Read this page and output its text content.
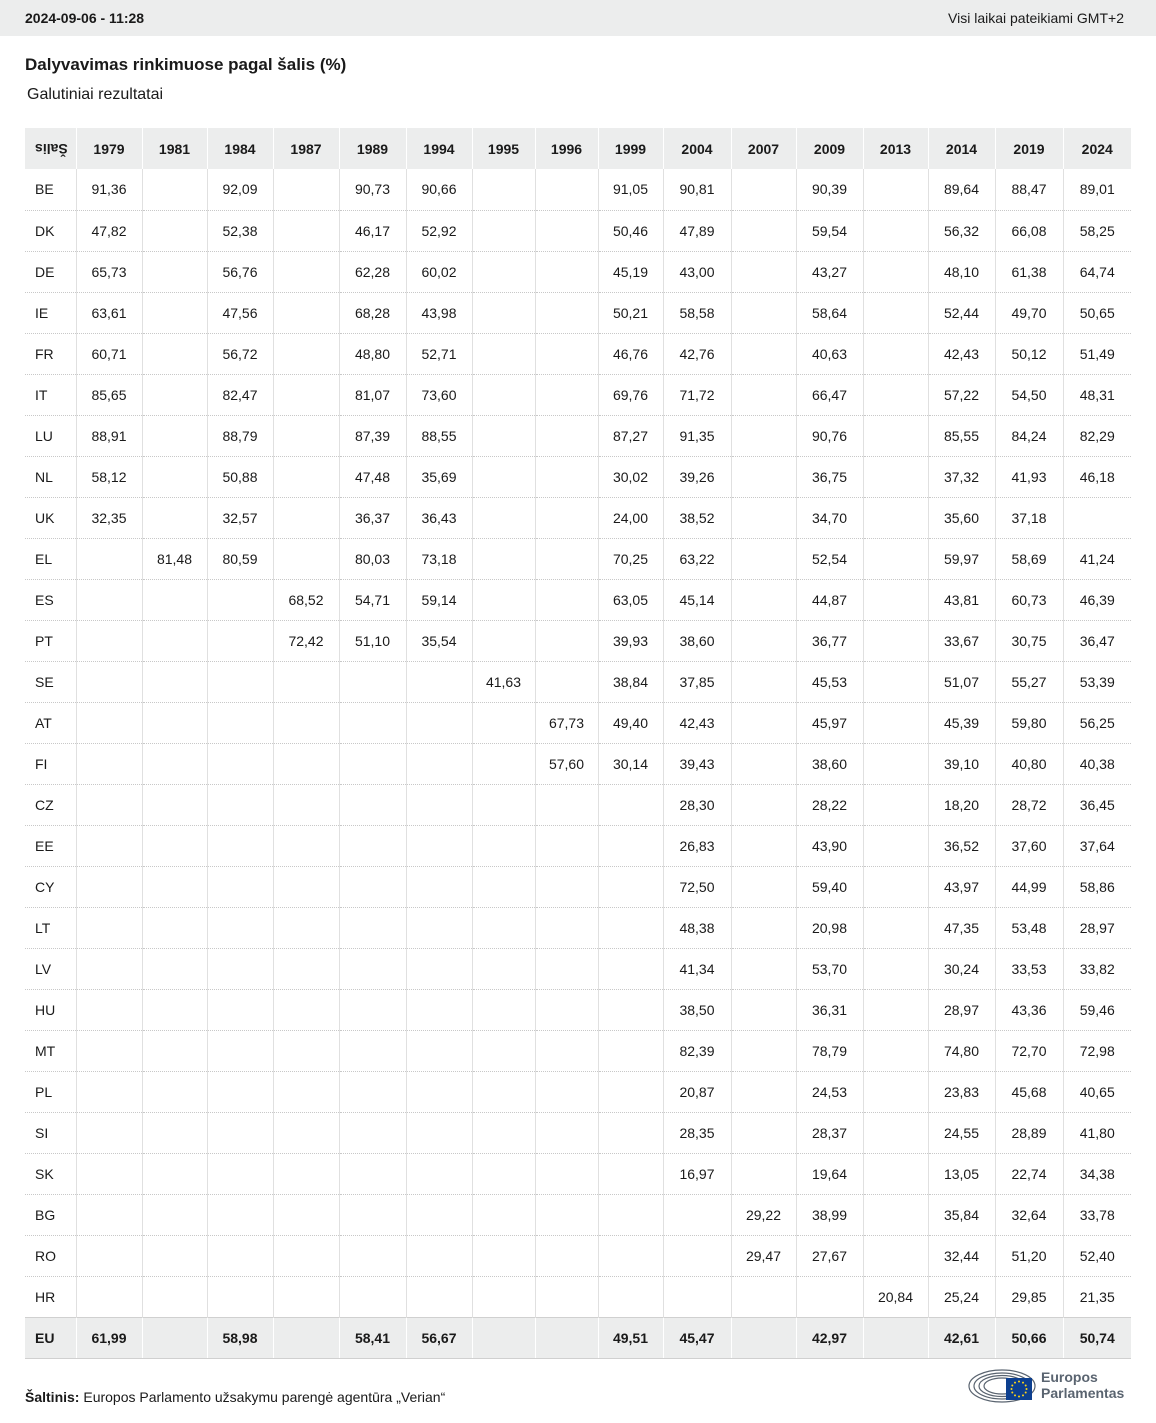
2024-09-06 - 11:28	Visi laikai pateikiami GMT+2
Dalyvavimas rinkimuose pagal šalis (%)
Galutiniai rezultatai
Šalis	1979	1981	1984	1987	1989	1994	1995	1996	1999	2004	2007	2009	2013	2014	2019	2024
BE	91,36		92,09		90,73	90,66			91,05	90,81		90,39		89,64	88,47	89,01
DK	47,82		52,38		46,17	52,92			50,46	47,89		59,54		56,32	66,08	58,25
DE	65,73		56,76		62,28	60,02			45,19	43,00		43,27		48,10	61,38	64,74
IE	63,61		47,56		68,28	43,98			50,21	58,58		58,64		52,44	49,70	50,65
FR	60,71		56,72		48,80	52,71			46,76	42,76		40,63		42,43	50,12	51,49
IT	85,65		82,47		81,07	73,60			69,76	71,72		66,47		57,22	54,50	48,31
LU	88,91		88,79		87,39	88,55			87,27	91,35		90,76		85,55	84,24	82,29
NL	58,12		50,88		47,48	35,69			30,02	39,26		36,75		37,32	41,93	46,18
UK	32,35		32,57		36,37	36,43			24,00	38,52		34,70		35,60	37,18	
EL		81,48	80,59		80,03	73,18			70,25	63,22		52,54		59,97	58,69	41,24
ES				68,52	54,71	59,14			63,05	45,14		44,87		43,81	60,73	46,39
PT				72,42	51,10	35,54			39,93	38,60		36,77		33,67	30,75	36,47
SE							41,63		38,84	37,85		45,53		51,07	55,27	53,39
AT								67,73	49,40	42,43		45,97		45,39	59,80	56,25
FI								57,60	30,14	39,43		38,60		39,10	40,80	40,38
CZ										28,30		28,22		18,20	28,72	36,45
EE										26,83		43,90		36,52	37,60	37,64
CY										72,50		59,40		43,97	44,99	58,86
LT										48,38		20,98		47,35	53,48	28,97
LV										41,34		53,70		30,24	33,53	33,82
HU										38,50		36,31		28,97	43,36	59,46
MT										82,39		78,79		74,80	72,70	72,98
PL										20,87		24,53		23,83	45,68	40,65
SI										28,35		28,37		24,55	28,89	41,80
SK										16,97		19,64		13,05	22,74	34,38
BG											29,22	38,99		35,84	32,64	33,78
RO											29,47	27,67		32,44	51,20	52,40
HR													20,84	25,24	29,85	21,35
EU	61,99		58,98		58,41	56,67			49,51	45,47		42,97		42,61	50,66	50,74
Šaltinis: Europos Parlamento užsakymu parengė agentūra „Verian“
Europos
Parlamentas
